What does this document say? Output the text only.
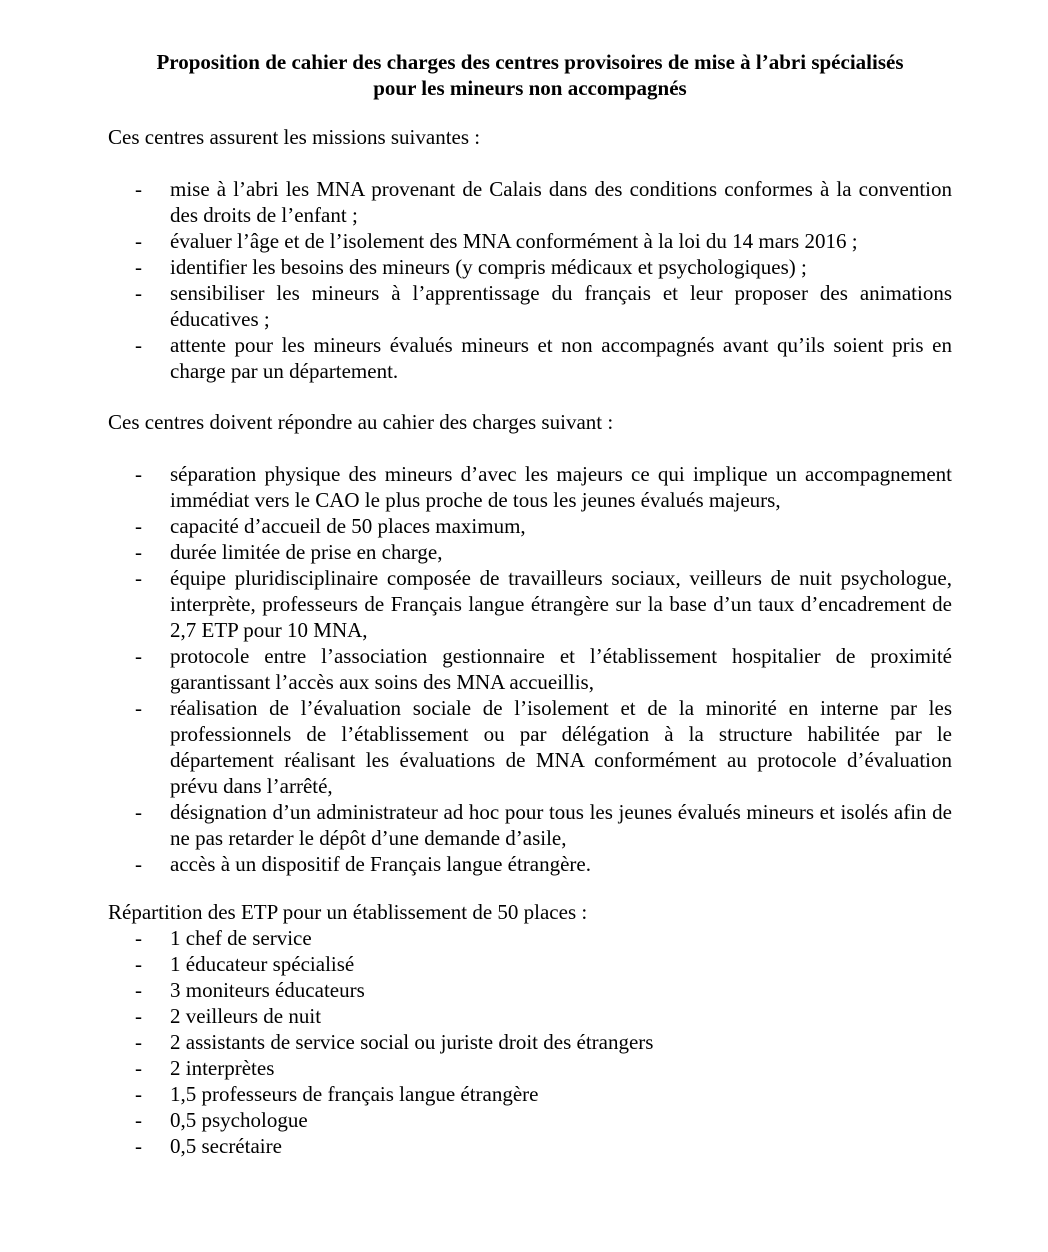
Proposition de cahier des charges des centres provisoires de mise à l’abri spécialisés
pour les mineurs non accompagnés

Ces centres assurent les missions suivantes :

- mise à l’abri les MNA provenant de Calais dans des conditions conformes à la convention des droits de l’enfant ;
- évaluer l’âge et de l’isolement des MNA conformément à la loi du 14 mars 2016 ;
- identifier les besoins des mineurs (y compris médicaux et psychologiques) ;
- sensibiliser les mineurs à l’apprentissage du français et leur proposer des animations éducatives ;
- attente pour les mineurs évalués mineurs et non accompagnés avant qu’ils soient pris en charge par un département.

Ces centres doivent répondre au cahier des charges suivant :

- séparation physique des mineurs d’avec les majeurs ce qui implique un accompagnement immédiat vers le CAO le plus proche de tous les jeunes évalués majeurs,
- capacité d’accueil de 50 places maximum,
- durée limitée de prise en charge,
- équipe pluridisciplinaire composée de travailleurs sociaux, veilleurs de nuit psychologue, interprète, professeurs de Français langue étrangère sur la base d’un taux d’encadrement de 2,7 ETP pour 10 MNA,
- protocole entre l’association gestionnaire et l’établissement hospitalier de proximité garantissant l’accès aux soins des MNA accueillis,
- réalisation de l’évaluation sociale de l’isolement et de la minorité en interne par les professionnels de l’établissement ou par délégation à la structure habilitée par le département réalisant les évaluations de MNA conformément au protocole d’évaluation prévu dans l’arrêté,
- désignation d’un administrateur ad hoc pour tous les jeunes évalués mineurs et isolés afin de ne pas retarder le dépôt d’une demande d’asile,
- accès à un dispositif de Français langue étrangère.

Répartition des ETP pour un établissement de 50 places :

- 1 chef de service
- 1 éducateur spécialisé
- 3 moniteurs éducateurs
- 2 veilleurs de nuit
- 2 assistants de service social ou juriste droit des étrangers
- 2 interprètes
- 1,5 professeurs de français langue étrangère
- 0,5 psychologue
- 0,5 secrétaire
